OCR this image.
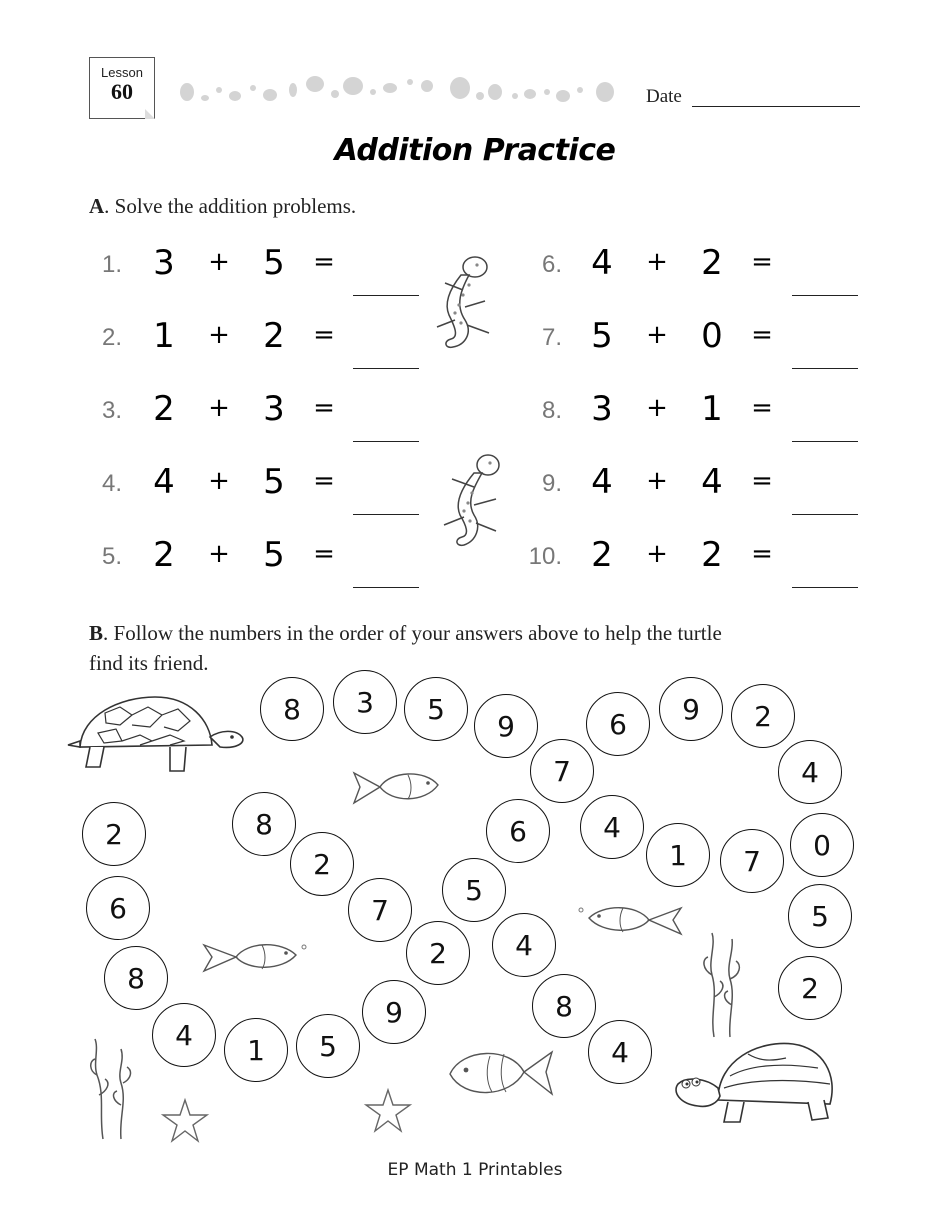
Lesson
60	Date
Addition Practice
A. Solve the addition problems.
1. 3	+ 5	=
2. 1	+ 2	=
3. 2	+ 3	=
4. 4	+ 5	=
5. 2	+ 5	=
6. 4	+ 2	=
7. 5	+ 0	=
8. 3	+ 1	=
9. 4	+ 4	=
10. 2	+ 2	=
B. Follow the numbers in the order of your answers above to help the turtle
find its friend.
8	3	5
9	6	9	2
7	4
8	6	4
1	7	0
2
2
5
6	7
5
8
2	4
8
9
4
1	5
4
2
EP Math 1 Printables
